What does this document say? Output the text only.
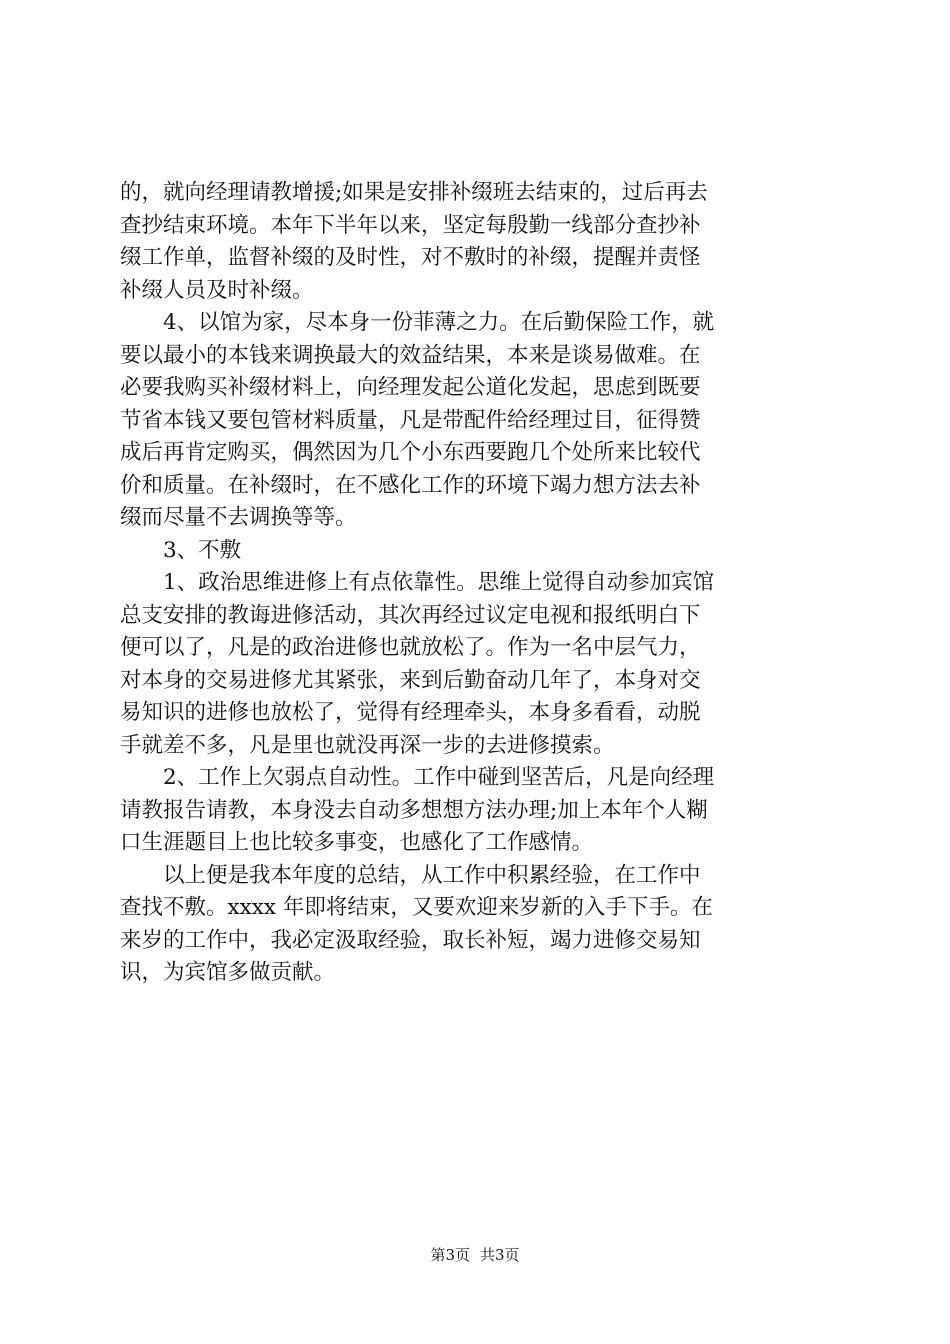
的，就向经理请教增援;如果是安排补缀班去结束的，过后再去
查抄结束环境。本年下半年以来，坚定每殷勤一线部分查抄补
缀工作单，监督补缀的及时性，对不敷时的补缀，提醒并责怪
补缀人员及时补缀。
　　4、以馆为家，尽本身一份菲薄之力。在后勤保险工作，就
要以最小的本钱来调换最大的效益结果，本来是谈易做难。在
必要我购买补缀材料上，向经理发起公道化发起，思虑到既要
节省本钱又要包管材料质量，凡是带配件给经理过目，征得赞
成后再肯定购买，偶然因为几个小东西要跑几个处所来比较代
价和质量。在补缀时，在不感化工作的环境下竭力想方法去补
缀而尽量不去调换等等。
　　3、不敷
　　1、政治思维进修上有点依靠性。思维上觉得自动参加宾馆
总支安排的教诲进修活动，其次再经过议定电视和报纸明白下
便可以了，凡是的政治进修也就放松了。作为一名中层气力，
对本身的交易进修尤其紧张，来到后勤奋动几年了，本身对交
易知识的进修也放松了，觉得有经理牵头，本身多看看，动脱
手就差不多，凡是里也就没再深一步的去进修摸索。
　　2、工作上欠弱点自动性。工作中碰到坚苦后，凡是向经理
请教报告请教，本身没去自动多想想方法办理;加上本年个人糊
口生涯题目上也比较多事变，也感化了工作感情。
　　以上便是我本年度的总结，从工作中积累经验，在工作中
查找不敷。xxxx 年即将结束，又要欢迎来岁新的入手下手。在
来岁的工作中，我必定汲取经验，取长补短，竭力进修交易知
识，为宾馆多做贡献。
第3页 共3页
